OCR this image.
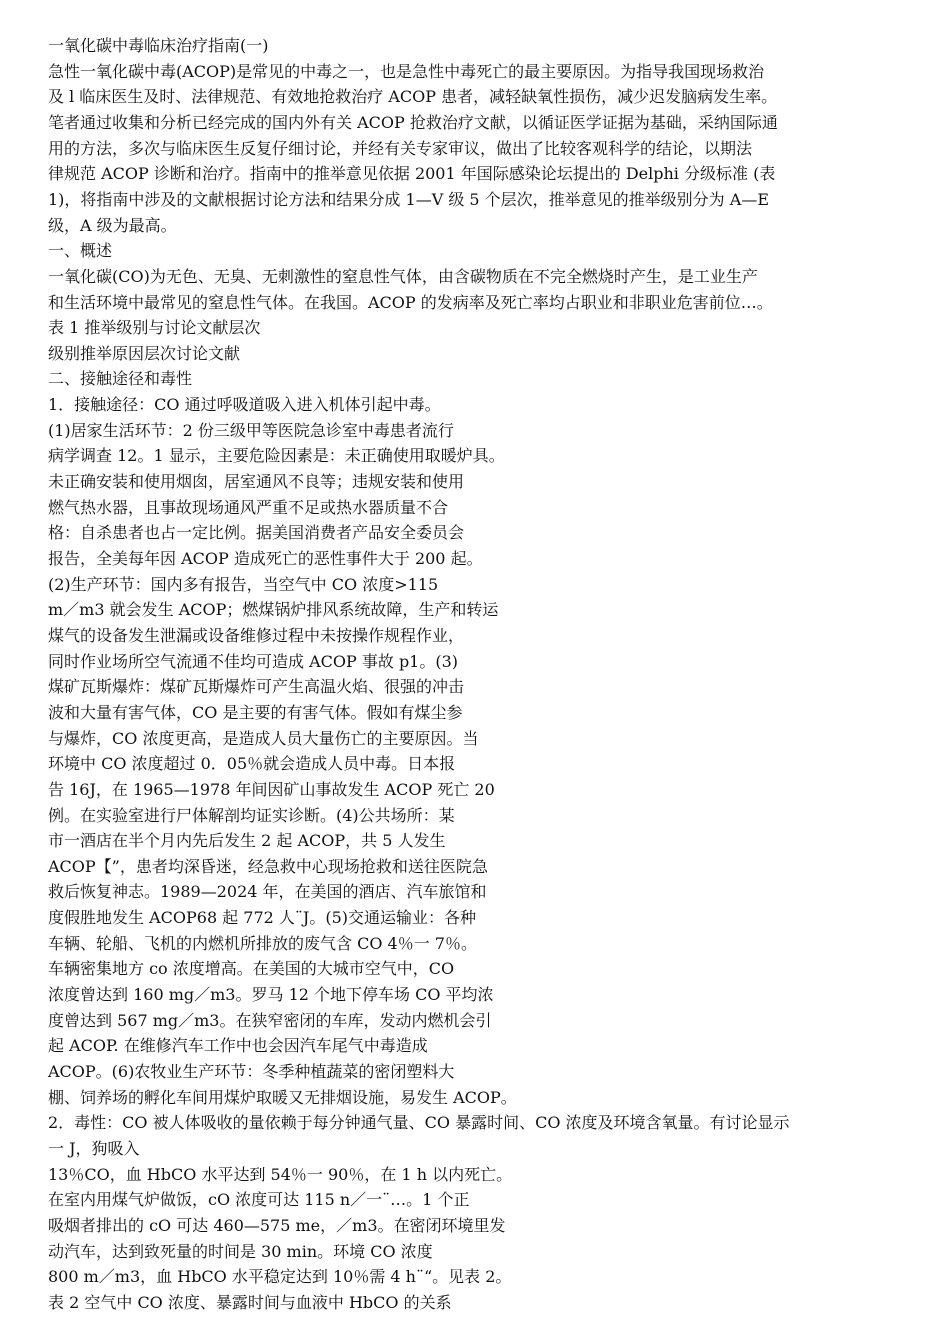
一氧化碳中毒临床治疗指南(一)
急性一氧化碳中毒(ACOP)是常见的中毒之一，也是急性中毒死亡的最主要原因。为指导我国现场救治
及 l 临床医生及时、法律规范、有效地抢救治疗 ACOP 患者，减轻缺氧性损伤，减少迟发脑病发生率。
笔者通过收集和分析已经完成的国内外有关 ACOP 抢救治疗文献，以循证医学证据为基础，采纳国际通
用的方法，多次与临床医生反复仔细讨论，并经有关专家审议，做出了比较客观科学的结论，以期法
律规范 ACOP 诊断和治疗。指南中的推举意见依据 2001 年国际感染论坛提出的 Delphi 分级标准 (表
1)，将指南中涉及的文献根据讨论方法和结果分成 1—V 级 5 个层次，推举意见的推举级别分为 A—E
级，A 级为最高。
一、概述
一氧化碳(CO)为无色、无臭、无刺激性的窒息性气体，由含碳物质在不完全燃烧时产生，是工业生产
和生活环境中最常见的窒息性气体。在我国。ACOP 的发病率及死亡率均占职业和非职业危害前位…。
表 1 推举级别与讨论文献层次
级别推举原因层次讨论文献
二、接触途径和毒性
1．接触途径：CO 通过呼吸道吸入进入机体引起中毒。
(1)居家生活环节：2 份三级甲等医院急诊室中毒患者流行
病学调查 12。1 显示，主要危险因素是：未正确使用取暖炉具。
未正确安装和使用烟囱，居室通风不良等；违规安装和使用
燃气热水器，且事故现场通风严重不足或热水器质量不合
格：自杀患者也占一定比例。据美国消费者产品安全委员会
报告，全美每年因 ACOP 造成死亡的恶性事件大于 200 起。
(2)生产环节：国内多有报告，当空气中 CO 浓度>115
m／m3 就会发生 ACOP；燃煤锅炉排风系统故障，生产和转运
煤气的设备发生泄漏或设备维修过程中未按操作规程作业，
同时作业场所空气流通不佳均可造成 ACOP 事故 p1。(3)
煤矿瓦斯爆炸：煤矿瓦斯爆炸可产生高温火焰、很强的冲击
波和大量有害气体，CO 是主要的有害气体。假如有煤尘参
与爆炸，CO 浓度更高，是造成人员大量伤亡的主要原因。当
环境中 CO 浓度超过 0．05％就会造成人员中毒。日本报
告 16J，在 1965—1978 年间因矿山事故发生 ACOP 死亡 20
例。在实验室进行尸体解剖均证实诊断。(4)公共场所：某
市一酒店在半个月内先后发生 2 起 ACOP，共 5 人发生
ACOP【”，患者均深昏迷，经急救中心现场抢救和送往医院急
救后恢复神志。1989—2024 年，在美国的酒店、汽车旅馆和
度假胜地发生 ACOP68 起 772 人¨J。(5)交通运输业：各种
车辆、轮船、飞机的内燃机所排放的废气含 CO 4％一 7％。
车辆密集地方 co 浓度增高。在美国的大城市空气中，CO
浓度曾达到 160 mg／m3。罗马 12 个地下停车场 CO 平均浓
度曾达到 567 mg／m3。在狭窄密闭的车库，发动内燃机会引
起 ACOP. 在维修汽车工作中也会因汽车尾气中毒造成
ACOP。(6)农牧业生产环节：冬季种植蔬菜的密闭塑料大
棚、饲养场的孵化车间用煤炉取暖又无排烟设施，易发生 ACOP。
2．毒性：CO 被人体吸收的量依赖于每分钟通气量、CO 暴露时间、CO 浓度及环境含氧量。有讨论显示
一 J，狗吸入
13％CO，血 HbCO 水平达到 54％一 90％，在 1 h 以内死亡。
在室内用煤气炉做饭，cO 浓度可达 115 n／一¨…。1 个正
吸烟者排出的 cO 可达 460—575 me，／m3。在密闭环境里发
动汽车，达到致死量的时间是 30 min。环境 CO 浓度
800 m／m3，血 HbCO 水平稳定达到 10％需 4 h¨“。见表 2。
表 2 空气中 CO 浓度、暴露时间与血液中 HbCO 的关系
